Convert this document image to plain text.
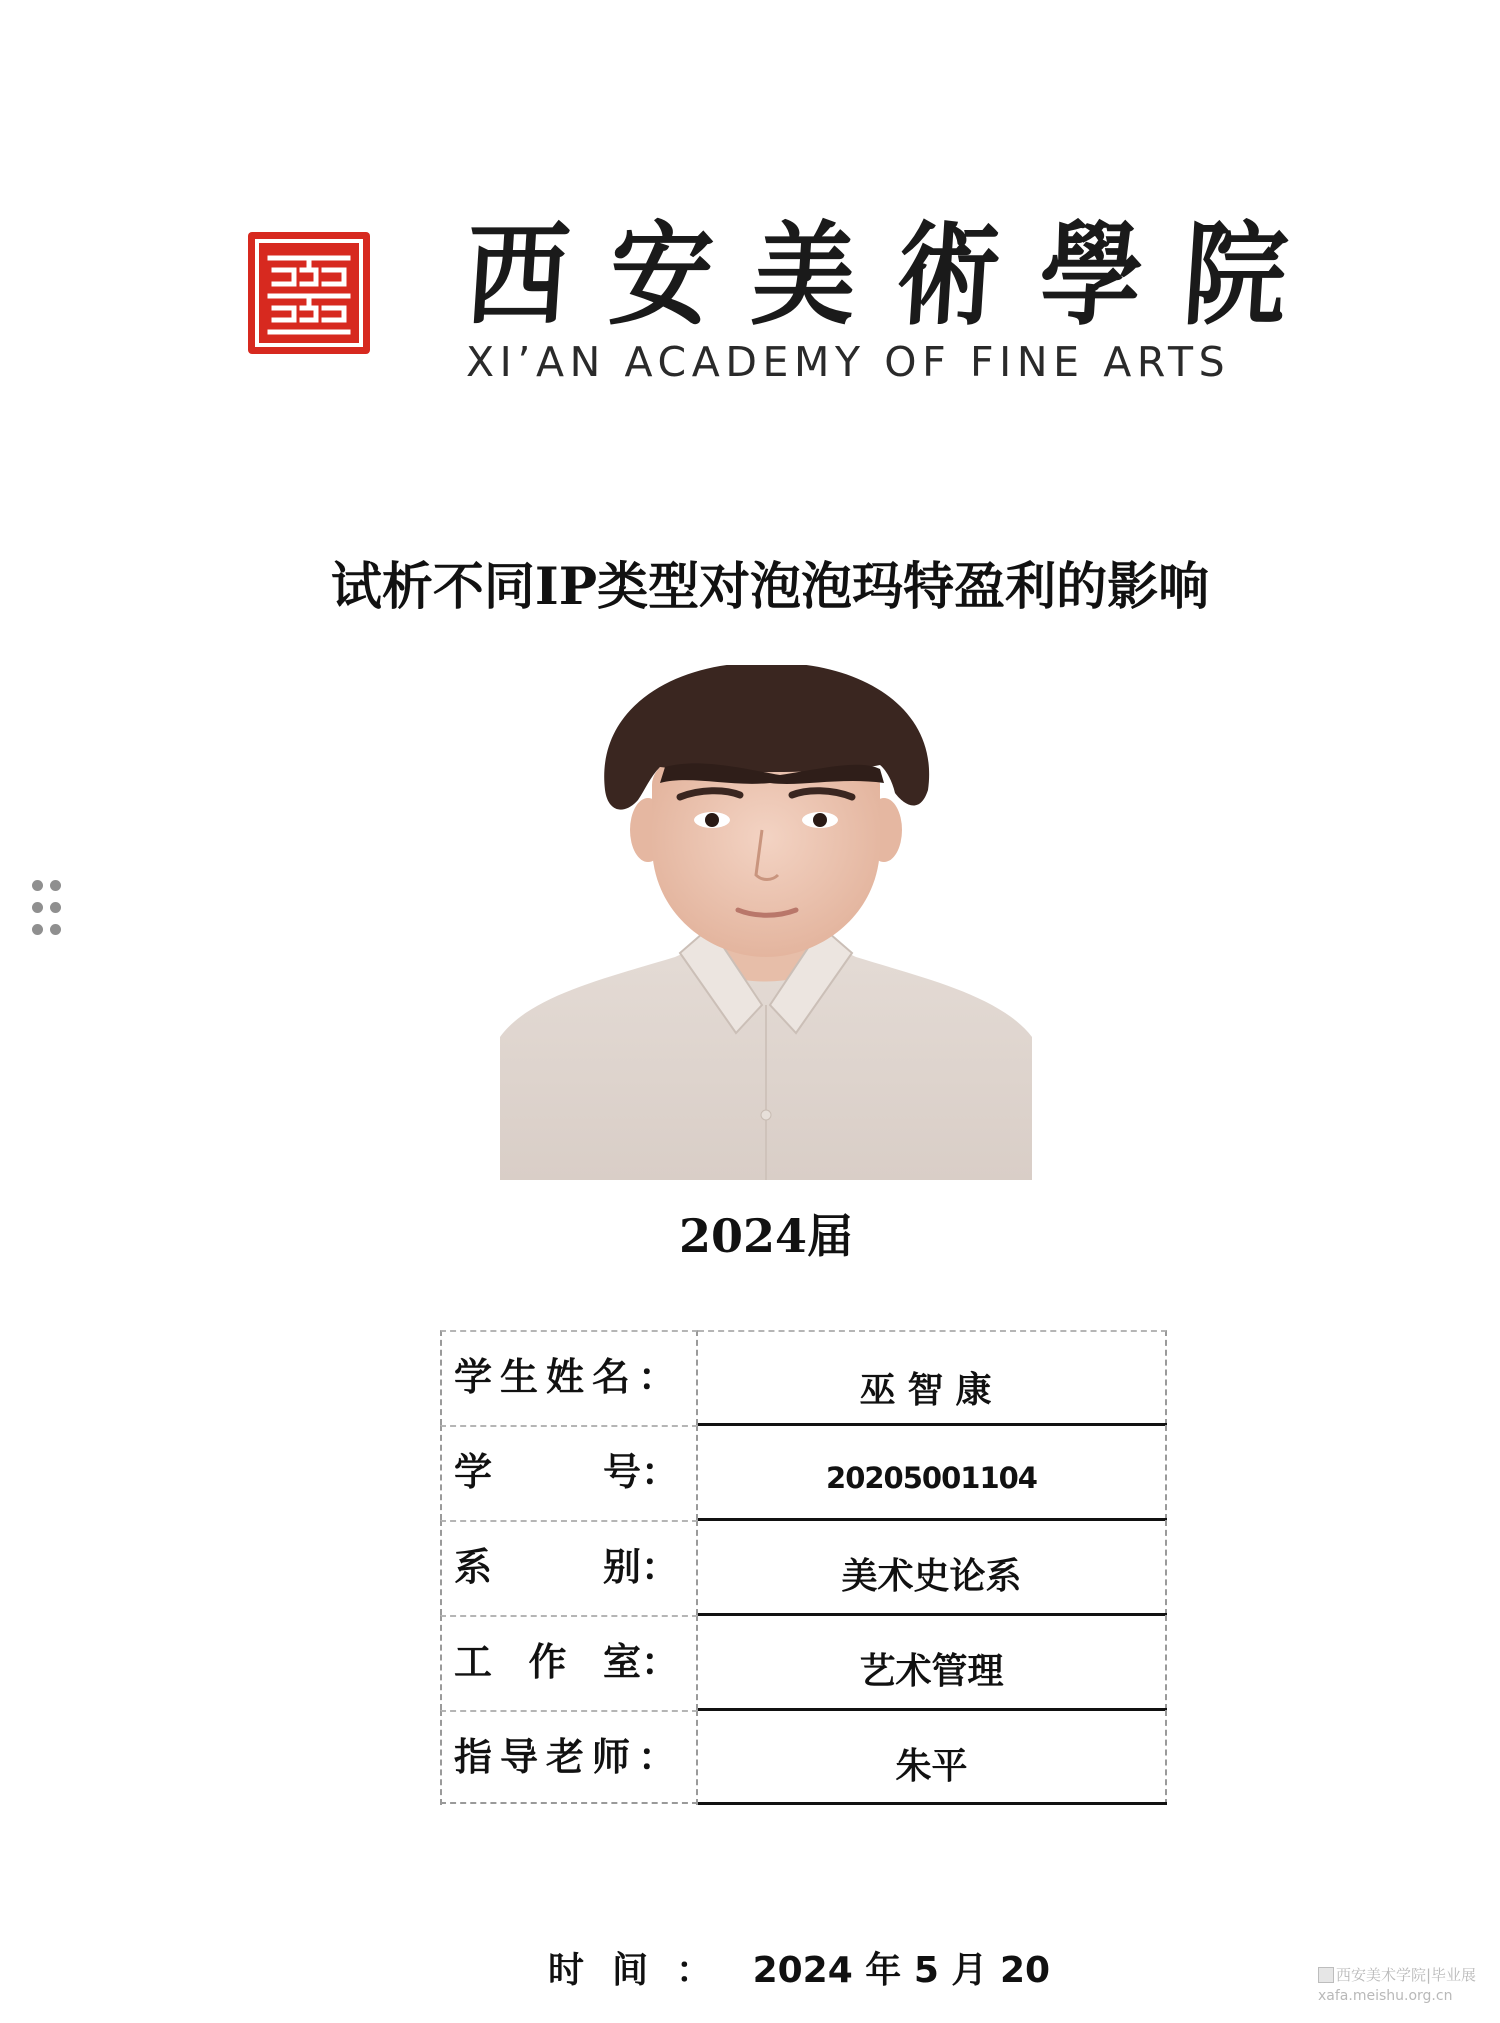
西 安 美 術 學 院
XI’AN ACADEMY OF FINE ARTS
试析不同IP类型对泡泡玛特盈利的影响
2024届
学生姓名：	巫智康
学	号：	20205001104
系	别：	美术史论系
工 作 室：	艺术管理
指导老师：	朱平
时间： 2024 年 5 月 20	西安美术学院|毕业展
xafa.meishu.org.cn
